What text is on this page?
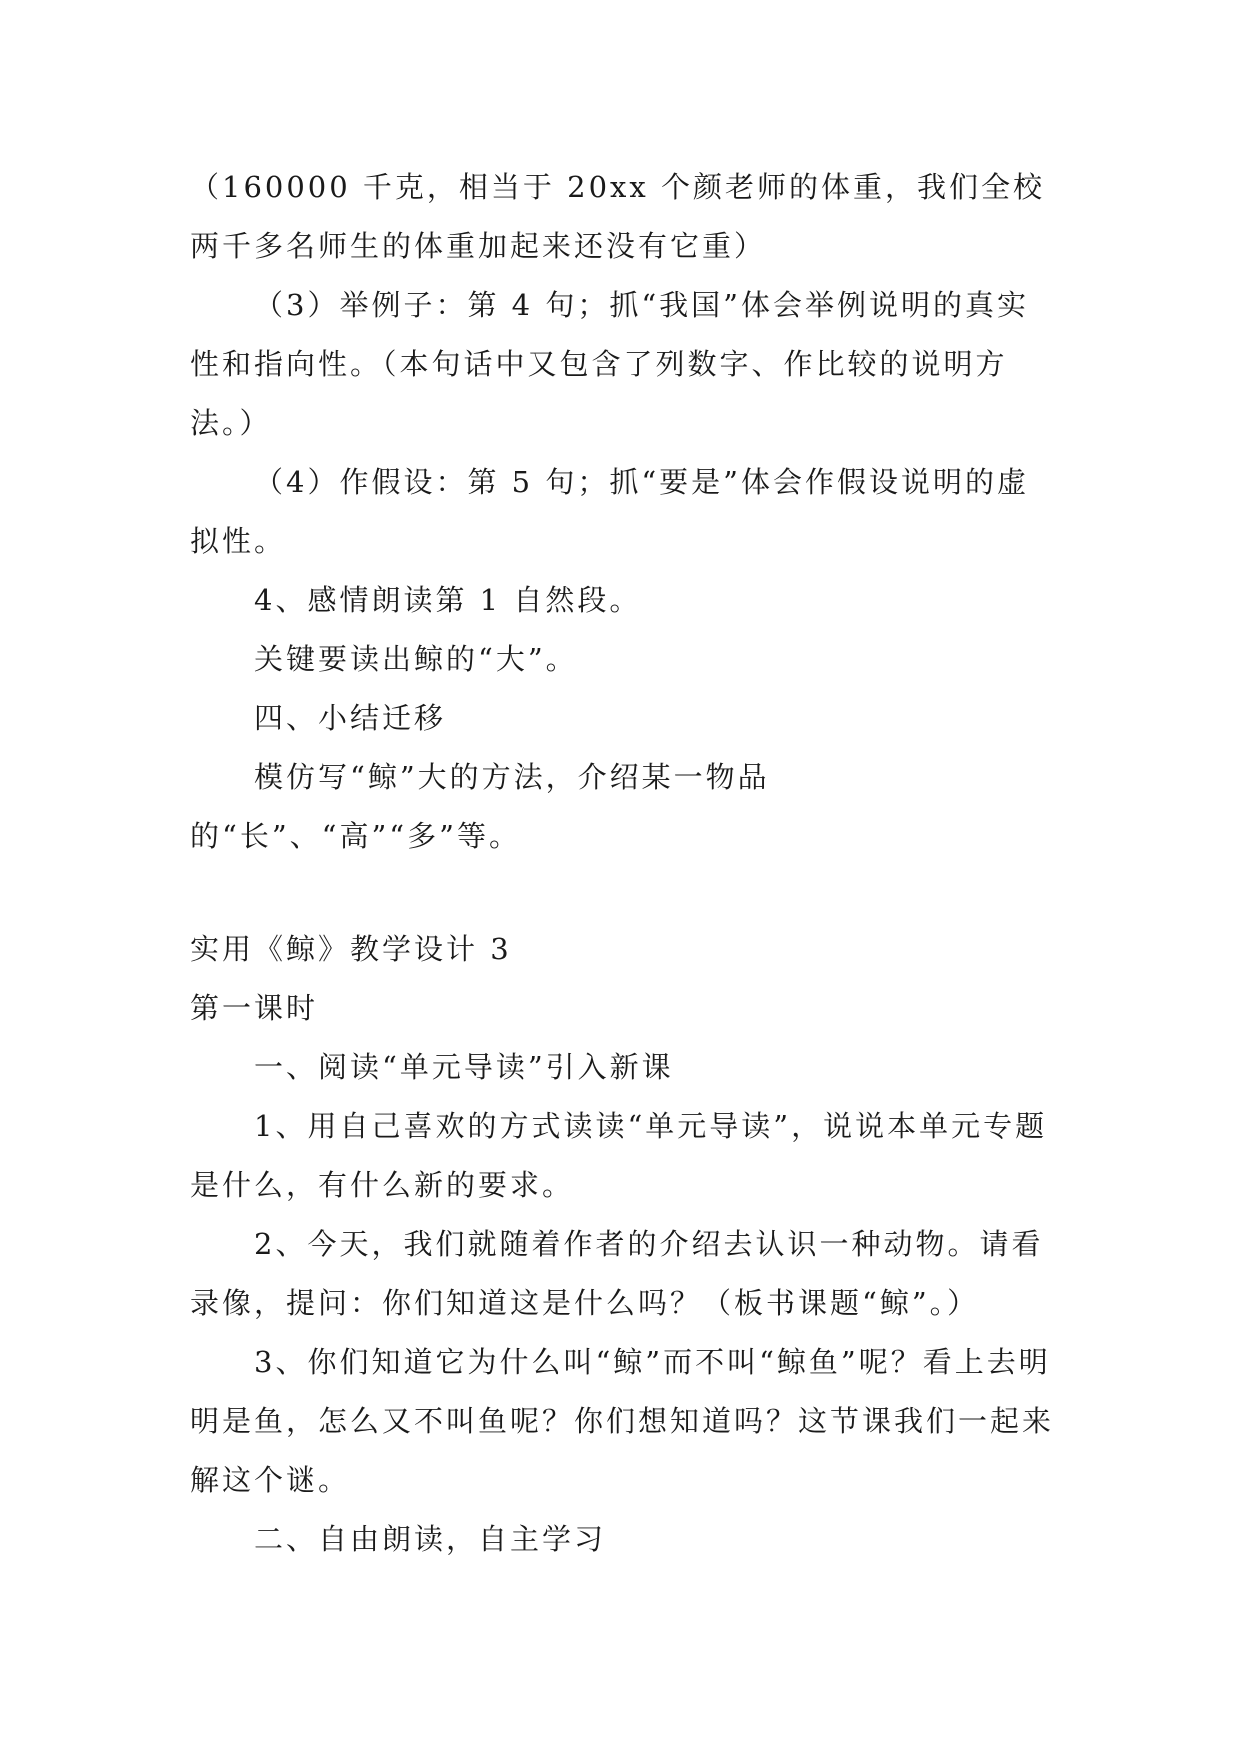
（160000 千克，相当于 20xx 个颜老师的体重，我们全校两千多名师生的体重加起来还没有它重）

（3）举例子：第 4 句；抓“我国”体会举例说明的真实性和指向性。（本句话中又包含了列数字、作比较的说明方法。）

（4）作假设：第 5 句；抓“要是”体会作假设说明的虚拟性。

4、感情朗读第 1 自然段。

关键要读出鲸的“大”。

四、小结迁移

模仿写“鲸”大的方法，介绍某一物品的“长”、“高”“多”等。

实用《鲸》教学设计 3

第一课时

一、阅读“单元导读”引入新课

1、用自己喜欢的方式读读“单元导读”，说说本单元专题是什么，有什么新的要求。

2、今天，我们就随着作者的介绍去认识一种动物。请看录像，提问：你们知道这是什么吗？（板书课题“鲸”。）

3、你们知道它为什么叫“鲸”而不叫“鲸鱼”呢？看上去明明是鱼，怎么又不叫鱼呢？你们想知道吗？这节课我们一起来解这个谜。

二、自由朗读，自主学习
